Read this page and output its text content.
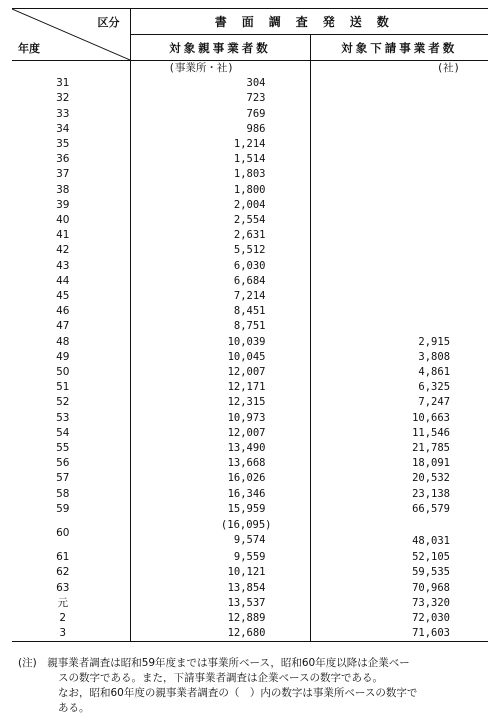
区分
年度	書面調査発送数	
	対象親事業者数	対象下請事業者数
	(事業所・社)	(社)
31	304	
32	723	
33	769	
34	986	
35	1,214	
36	1,514	
37	1,803	
38	1,800	
39	2,004	
40	2,554	
41	2,631	
42	5,512	
43	6,030	
44	6,684	
45	7,214	
46	8,451	
47	8,751	
48	10,039	2,915
49	10,045	3,808
50	12,007	4,861
51	12,171	6,325
52	12,315	7,247
53	10,973	10,663
54	12,007	11,546
55	13,490	21,785
56	13,668	18,091
57	16,026	20,532
58	16,346	23,138
59	15,959	66,579
60	(16,095)
9,574	48,031
61	9,559	52,105
62	10,121	59,535
63	13,854	70,968
元	13,537	73,320
2	12,889	72,030
3	12,680	71,603

(注)　親事業者調査は昭和59年度までは事業所ベース，昭和60年度以降は企業ベー
スの数字である。また，下請事業者調査は企業ベースの数字である。
なお，昭和60年度の親事業者調査の（　）内の数字は事業所ベースの数字で
ある。
